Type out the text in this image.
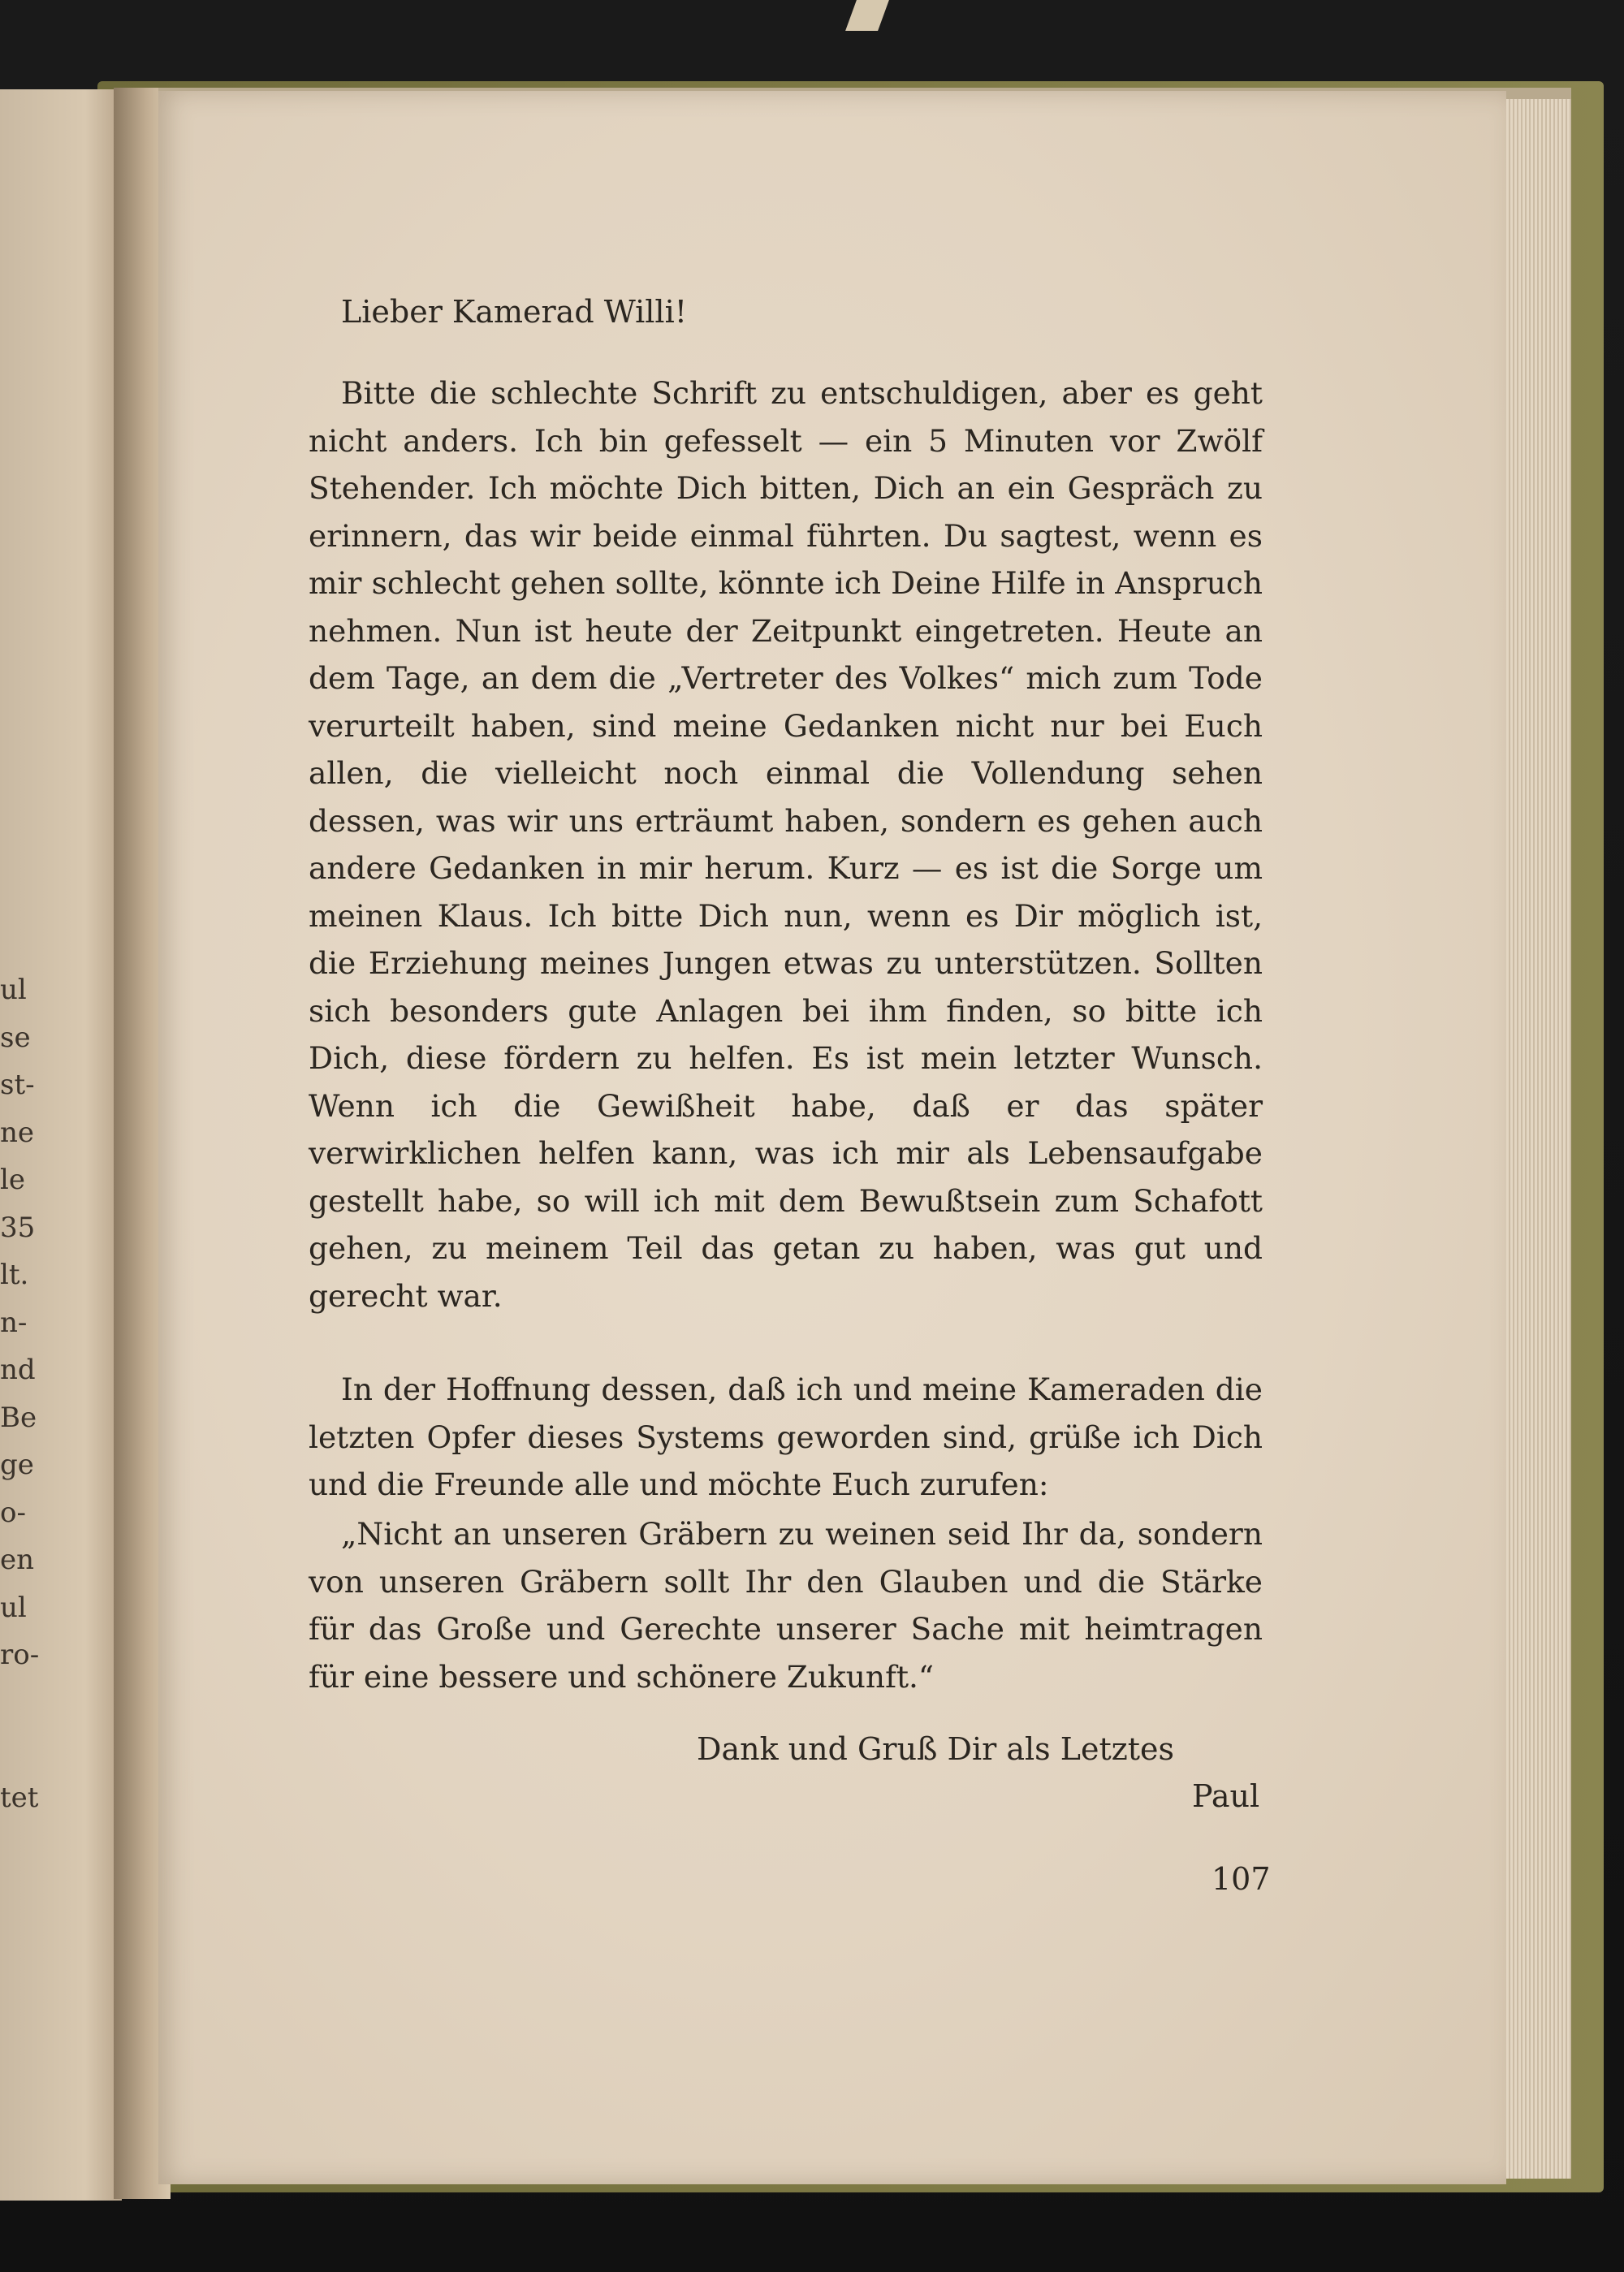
ul
se
st-
ne
le
35
lt.
n-
nd
Be
ge
o-
en
ul
ro-
tet
Lieber Kamerad Willi!

Bitte die schlechte Schrift zu entschuldigen, aber es geht nicht anders. Ich bin gefesselt — ein 5 Minuten vor Zwölf Stehender. Ich möchte Dich bitten, Dich an ein Gespräch zu erinnern, das wir beide einmal führten. Du sagtest, wenn es mir schlecht gehen sollte, könnte ich Deine Hilfe in Anspruch nehmen. Nun ist heute der Zeitpunkt eingetreten. Heute an dem Tage, an dem die „Vertreter des Volkes“ mich zum Tode verurteilt haben, sind meine Gedanken nicht nur bei Euch allen, die vielleicht noch einmal die Vollendung sehen dessen, was wir uns erträumt haben, sondern es gehen auch andere Gedanken in mir herum. Kurz — es ist die Sorge um meinen Klaus. Ich bitte Dich nun, wenn es Dir möglich ist, die Erziehung meines Jungen etwas zu unterstützen. Sollten sich besonders gute Anlagen bei ihm finden, so bitte ich Dich, diese fördern zu helfen. Es ist mein letzter Wunsch. Wenn ich die Gewißheit habe, daß er das später verwirklichen helfen kann, was ich mir als Lebensaufgabe gestellt habe, so will ich mit dem Bewußtsein zum Schafott gehen, zu meinem Teil das getan zu haben, was gut und gerecht war.

In der Hoffnung dessen, daß ich und meine Kameraden die letzten Opfer dieses Systems geworden sind, grüße ich Dich und die Freunde alle und möchte Euch zurufen:

„Nicht an unseren Gräbern zu weinen seid Ihr da, sondern von unseren Gräbern sollt Ihr den Glauben und die Stärke für das Große und Gerechte unserer Sache mit heimtragen für eine bessere und schönere Zukunft.“

Dank und Gruß Dir als Letztes
Paul
107
